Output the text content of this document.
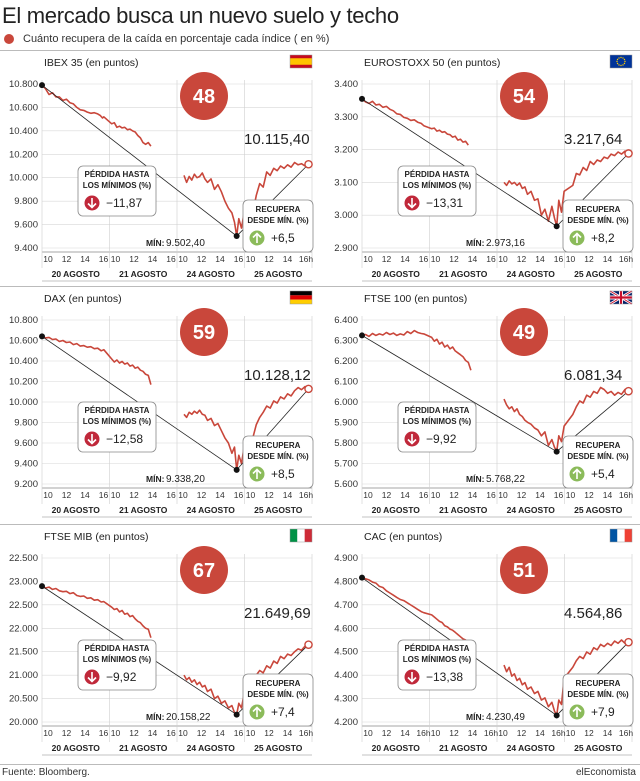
El mercado busca un nuevo suelo y techo
Cuánto recupera de la caída en porcentaje cada índice ( en %)
IBEX 35 (en puntos)
10.800
10.600
10.400
10.200
10.000
9.800
9.600
9.400
10 12 14 16 10 12 14 16 10 12 14 16 10 12 14 16h
20 AGOSTO 21 AGOSTO 24 AGOSTO 25 AGOSTO
MÍN: 9.502,40
10.115,40
48
PÉRDIDA HASTA
LOS MÍNIMOS (%)
−11,87	RECUPERA
DESDE MÍN. (%)
+6,5
EUROSTOXX 50 (en puntos)
3.400
3.300
3.200
3.100
3.000
2.900
10 12 14 16 10 12 14 16 10 12 14 16 10 12 14 16h
20 AGOSTO 21 AGOSTO 24 AGOSTO 25 AGOSTO
MÍN: 2.973,16
3.217,64
54
PÉRDIDA HASTA
LOS MÍNIMOS (%)
−13,31	RECUPERA
DESDE MÍN. (%)
+8,2
DAX (en puntos)
10.800
10.600
10.400
10.200
10.000
9.800
9.600
9.400
9.200
10 12 14 16 10 12 14 16 10 12 14 16 10 12 14 16h
20 AGOSTO 21 AGOSTO 24 AGOSTO 25 AGOSTO
MÍN: 9.338,20
10.128,12
59
PÉRDIDA HASTA
LOS MÍNIMOS (%)
−12,58	RECUPERA
DESDE MÍN. (%)
+8,5
FTSE 100 (en puntos)
6.400
6.300
6.200
6.100
6.000
5.900
5.800
5.700
5.600
10 12 14 16 10 12 14 16 10 12 14 16 10 12 14 16h
20 AGOSTO 21 AGOSTO 24 AGOSTO 25 AGOSTO
MÍN: 5.768,22
6.081,34
49
PÉRDIDA HASTA
LOS MÍNIMOS (%)
−9,92	RECUPERA
DESDE MÍN. (%)
+5,4
FTSE MIB (en puntos)
22.500
23.000
22.500
22.000
21.500
21.000
20.500
20.000
10 12 14 16 10 12 14 16 10 12 14 16 10 12 14 16h
20 AGOSTO 21 AGOSTO 24 AGOSTO 25 AGOSTO
MÍN: 20.158,22
21.649,69
67
PÉRDIDA HASTA
LOS MÍNIMOS (%)
−9,92	RECUPERA
DESDE MÍN. (%)
+7,4
CAC (en puntos)
4.900
4.800
4.700
4.600
4.500
4.400
4.300
4.200
10 12 14 16h 10 12 14 16h 10 12 14 16h 10 12 14 16h
20 AGOSTO 21 AGOSTO 24 AGOSTO 25 AGOSTO
MÍN: 4.230,49
4.564,86
51
PÉRDIDA HASTA
LOS MÍNIMOS (%)
−13,38	RECUPERA
DESDE MÍN. (%)
+7,9
Fuente: Bloomberg.	elEconomista
